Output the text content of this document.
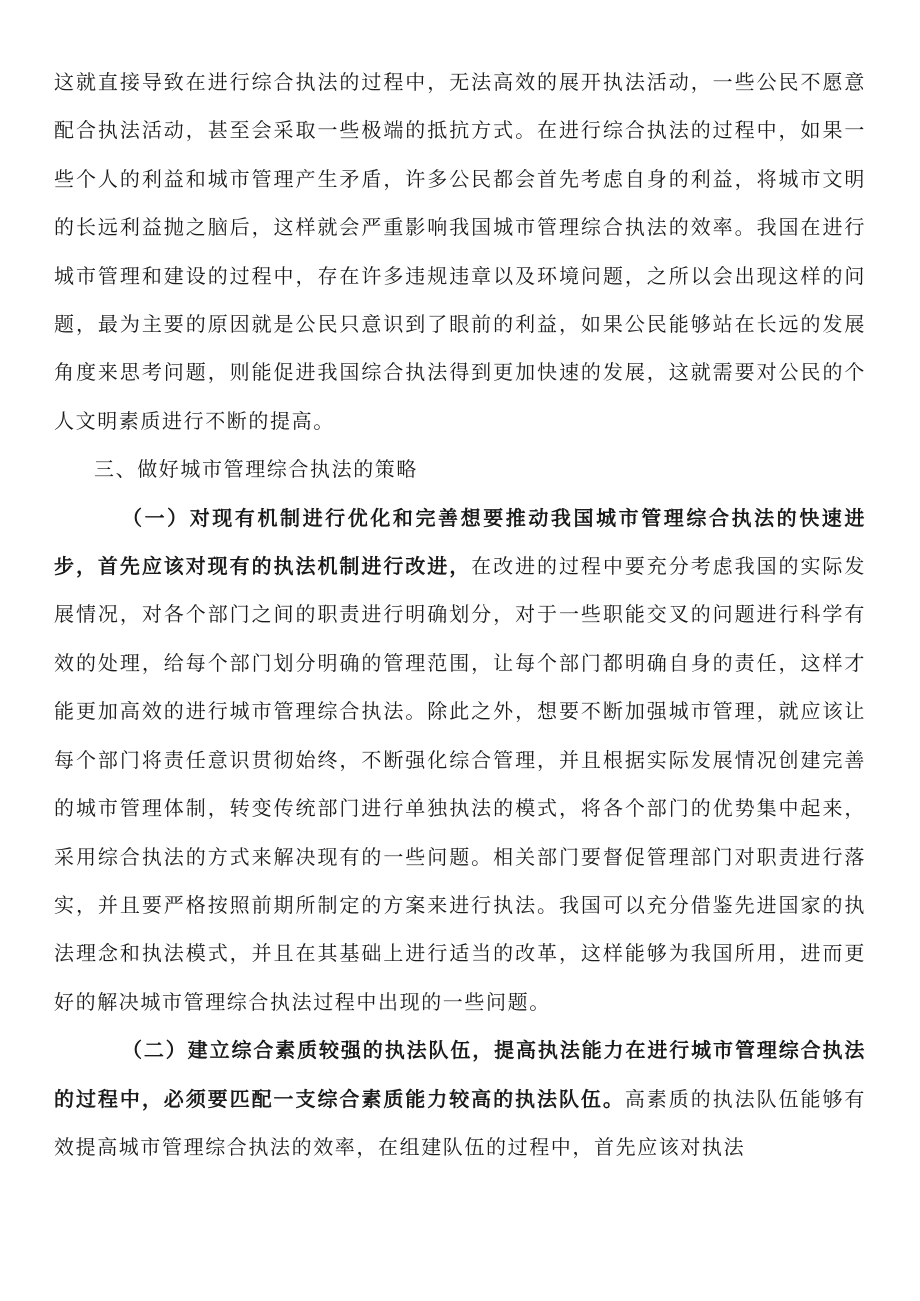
这就直接导致在进行综合执法的过程中，无法高效的展开执法活动，一些公民不愿意配合执法活动，甚至会采取一些极端的抵抗方式。在进行综合执法的过程中，如果一些个人的利益和城市管理产生矛盾，许多公民都会首先考虑自身的利益，将城市文明的长远利益抛之脑后，这样就会严重影响我国城市管理综合执法的效率。我国在进行城市管理和建设的过程中，存在许多违规违章以及环境问题，之所以会出现这样的问题，最为主要的原因就是公民只意识到了眼前的利益，如果公民能够站在长远的发展角度来思考问题，则能促进我国综合执法得到更加快速的发展，这就需要对公民的个人文明素质进行不断的提高。

三、做好城市管理综合执法的策略

（一）对现有机制进行优化和完善想要推动我国城市管理综合执法的快速进步，首先应该对现有的执法机制进行改进，在改进的过程中要充分考虑我国的实际发展情况，对各个部门之间的职责进行明确划分，对于一些职能交叉的问题进行科学有效的处理，给每个部门划分明确的管理范围，让每个部门都明确自身的责任，这样才能更加高效的进行城市管理综合执法。除此之外，想要不断加强城市管理，就应该让每个部门将责任意识贯彻始终，不断强化综合管理，并且根据实际发展情况创建完善的城市管理体制，转变传统部门进行单独执法的模式，将各个部门的优势集中起来，采用综合执法的方式来解决现有的一些问题。相关部门要督促管理部门对职责进行落实，并且要严格按照前期所制定的方案来进行执法。我国可以充分借鉴先进国家的执法理念和执法模式，并且在其基础上进行适当的改革，这样能够为我国所用，进而更好的解决城市管理综合执法过程中出现的一些问题。

（二）建立综合素质较强的执法队伍，提高执法能力在进行城市管理综合执法的过程中，必须要匹配一支综合素质能力较高的执法队伍。高素质的执法队伍能够有效提高城市管理综合执法的效率，在组建队伍的过程中，首先应该对执法
